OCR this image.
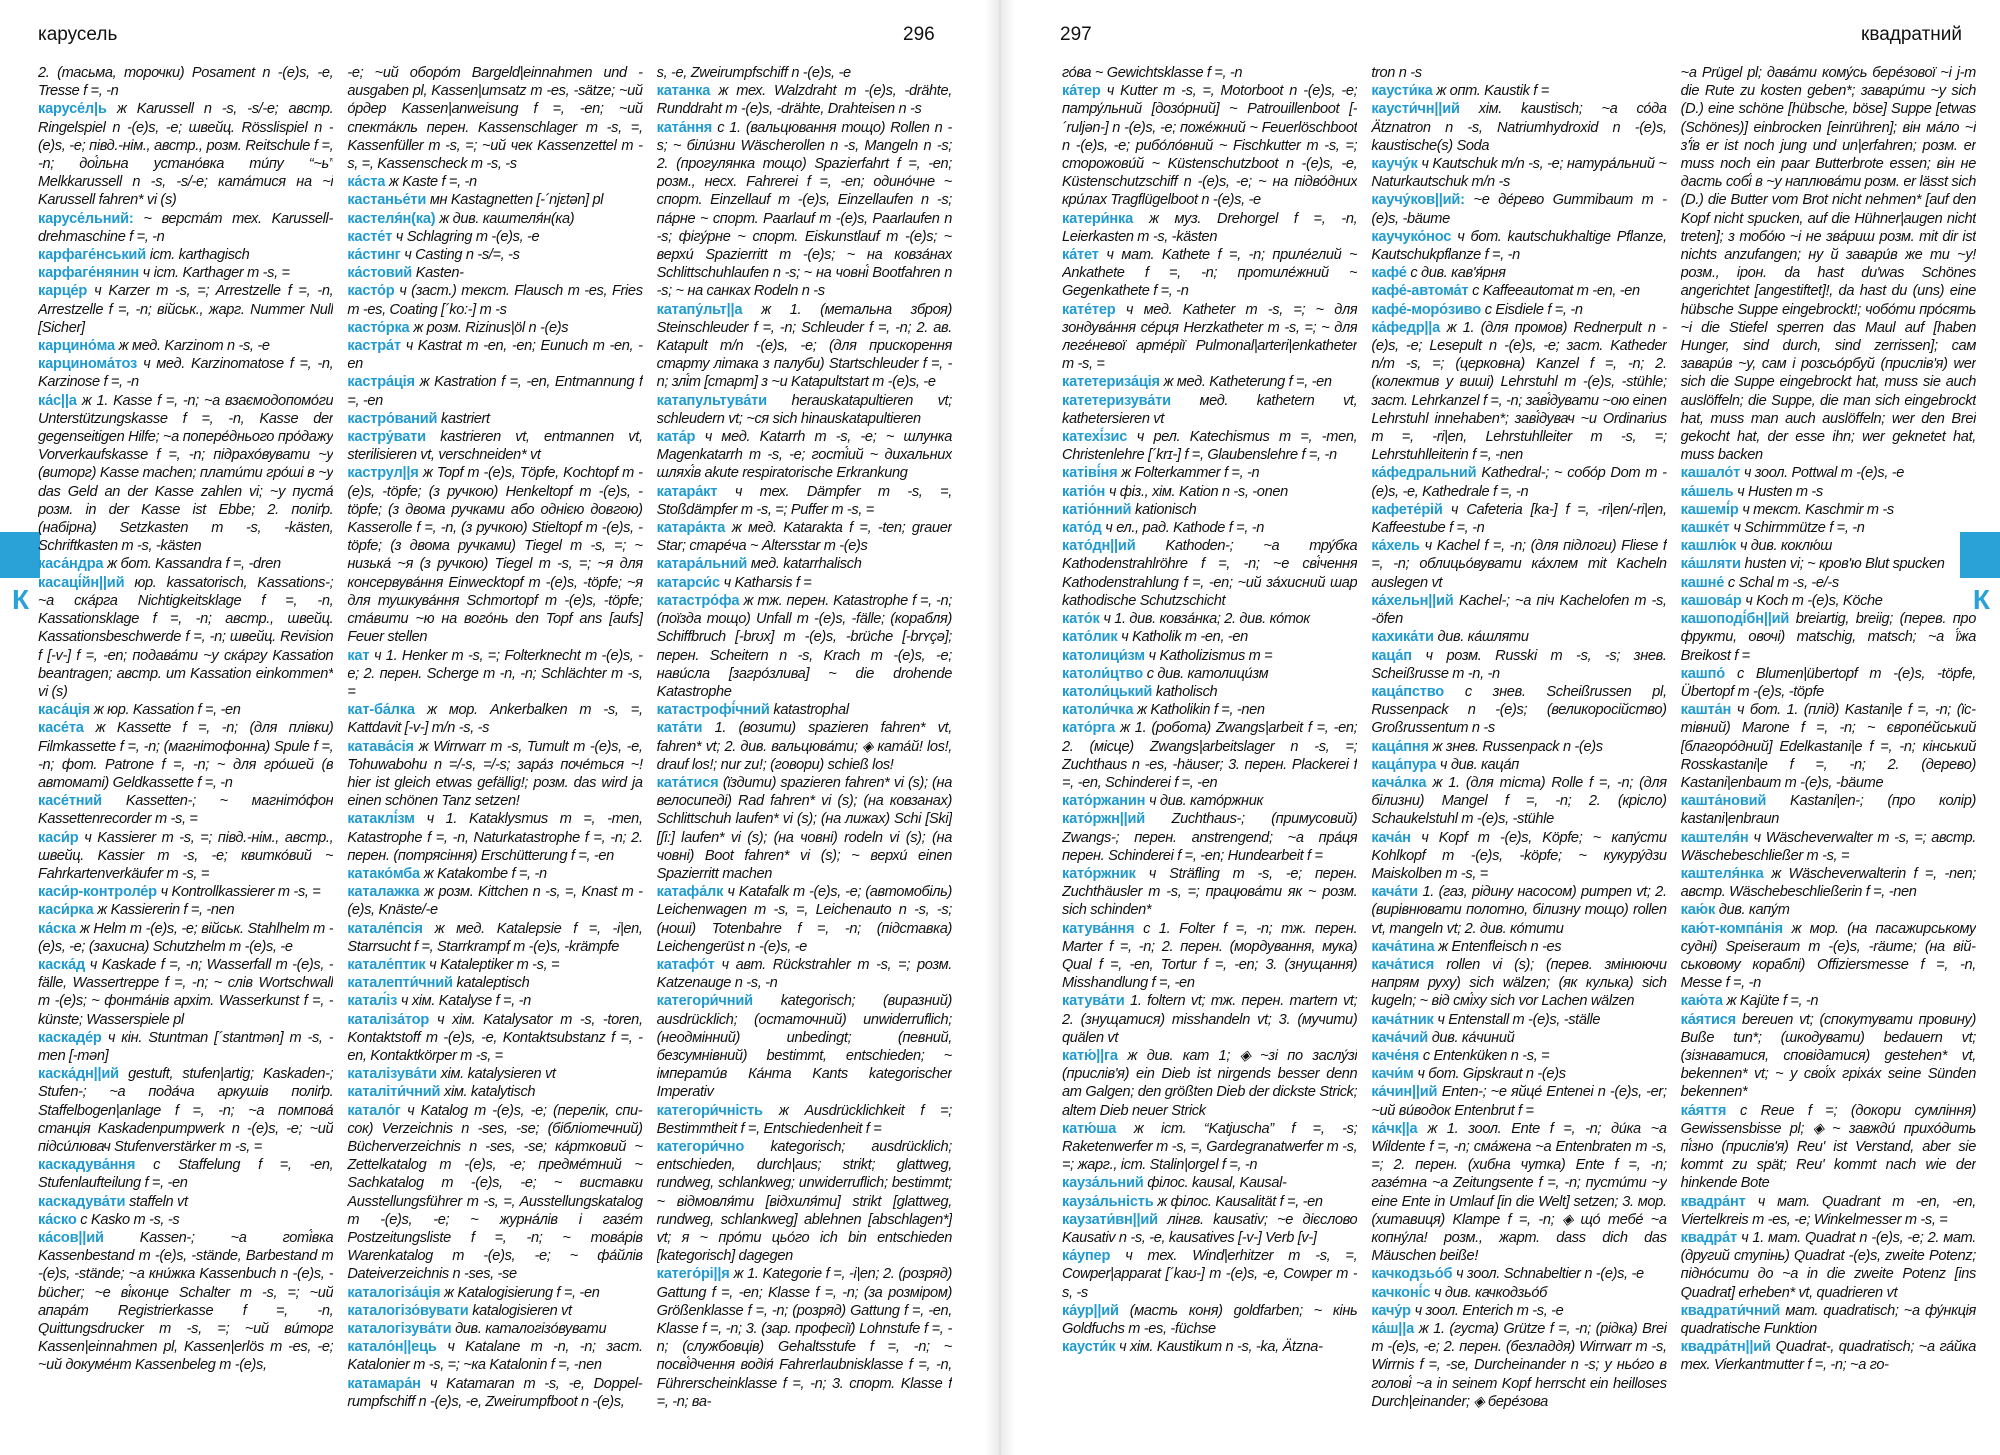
карусель	296
К

2. (тасьма, торочки) Posament n -(e)s, -e, Tresse f =, -n

карусе́л|ь ж Karussell n -s, -s/-e; австр. Ringelspiel n -(e)s, -e; швейц. Rösslispiel n -(e)s, -e; півд.-нім., австр., розм. Reitschule f =, -n; доі́льна устано́вка ти́пу “~ь” Melkkarussell n -s, -s/-e; ката́тися на ~і Karussell fahren* vi (s)

карусе́льний: ~ верста́т тех. Karusselldrehmaschine f =, -n

карфаге́нський іст. karthagisch

карфаге́нянин ч іст. Karthager т -s, =

карце́р ч Karzer т -s, =; Arrestzelle f =, -n, Arrestzelle f =, -n; військ., жарг. Nummer Null [Sicher]

карцино́ма ж мед. Karzinom n -s, -e

карцинома́тоз ч мед. Karzinomatose f =, -n, Karzinose f =, -n

ка́с||а ж 1. Kasse f =, -n; ~а взаємодопомо́ги Unterstützungskasse f =, -n, Kasse der gegenseitigen Hilfe; ~а попере́днього про́дажу Vorverkaufskasse f =, -n; підрахо́вувати ~у (виторг) Kasse machen; плати́ти гро́ші в ~у das Geld an der Kasse zahlen vi; ~у пуста́ розм. in der Kasse ist Ebbe; 2. поліґр. (набірна) Setzkasten m -s, -kästen, Schriftkasten m -s, -kästen

каса́ндра ж бот. Kassandra f =, -dren

касаці́йн||ий юр. kassatorisch, Kassations-; ~а ска́рга Nichtigkeitsklage f =, -n, Kassationsklage f =, -n; австр., швейц. Kassationsbeschwerde f =, -n; швейц. Revision f [-v-] f =, -en; подава́ти ~у ска́ргу Kassation beantragen; австр. um Kassation einkommen* vi (s)

каса́ція ж юр. Kassation f =, -en

касе́та ж Kassette f =, -n; (для плівки) Filmkassette f =, -n; (магнітофонна) Spule f =, -n; фот. Patrone f =, -n; ~ для гро́шей (в автоматі) Geldkassette f =, -n

касе́тний Kassetten-; ~ магніто́фон Kassettenrecorder m -s, =

каси́р ч Kassierer m -s, =; півд.-нім., австр., швейц. Kassier m -s, -e; квитко́вий ~ Fahrkartenverkäufer m -s, =

каси́р-контроле́р ч Kontrollkassierer m -s, =

каси́рка ж Kassiererin f =, -nen

ка́ска ж Helm m -(e)s, -e; військ. Stahlhelm m -(e)s, -e; (захисна) Schutzhelm m -(e)s, -e

каска́д ч Kaskade f =, -n; Wasserfall m -(e)s, -fälle, Wassertreppe f =, -n; ~ слів Wortschwall m -(e)s; ~ фонта́нів архіт. Wasserkunst f =, -künste; Wasserspiele pl

каскаде́р ч кін. Stuntman [´stantmən] т -s, -men [-mən]

каска́дн||ий gestuft, stufen|artig; Kaskaden-; Stufen-; ~а пода́ча аркушів поліґр. Staffelbogen|anlage f =, -n; ~а помпова́ станція Kaskadenpumpwerk n -(e)s, -e; ~ий підси́лювач Stufenverstärker m -s, =

каскадува́ння с Staffelung f =, -en, Stufenlaufteilung f =, -en

каскадува́ти staffeln vt

ка́ско с Kasko m -s, -s

ка́сов||ий Kassen-; ~а готі́вка Kassenbestand m -(e)s, -stände, Barbestand m -(e)s, -stände; ~а кни́жка Kassenbuch n -(e)s, -bücher; ~е ві́конце Schalter m -s, =; ~ий апара́т Registrierkasse f =, -n, Quittungsdrucker m -s, =; ~ий ви́торг Kassen|einnahmen pl, Kassen|erlös m -es, -e; ~ий докуме́нт Kassenbeleg m -(e)s,

-e; ~ий оборо́т Bargeld|einnahmen und -ausgaben pl, Kassen|umsatz m -es, -sätze; ~ий о́рдер Kassen|anweisung f =, -en; ~ий спекта́кль перен. Kassenschlager m -s, =, Kassenfüller m -s, =; ~ий чек Kassenzettel m -s, =, Kassenscheck m -s, -s

ка́ста ж Kaste f =, -n

кастанье́ти мн Kastagnetten [-´njɛtən] pl

кастеля́н(ка) ж див. каштеля́н(ка)

касте́т ч Schlagring m -(e)s, -e

ка́стинг ч Casting n -s/=, -s

ка́стовий Kasten-

касто́р ч (заст.) текст. Flausch m -es, Fries m -es, Coating [´ko:-] m -s

касто́рка ж розм. Rizinus|öl n -(e)s

кастра́т ч Kastrat m -en, -en; Eunuch m -en, -en

кастра́ція ж Kastration f =, -en, Entmannung f =, -en

кастро́ваний kastriert

кастру́вати kastrieren vt, entmannen vt, sterilisieren vt, verschneiden* vt

каструл||я ж Topf m -(e)s, Töpfe, Kochtopf m -(e)s, -töpfe; (з ручкою) Henkeltopf m -(e)s, -töpfe; (з двома ручками або однією довгою) Kasserolle f =, -n, (з ручкою) Stieltopf m -(e)s, -töpfe; (з двома ручками) Tiegel m -s, =; ~ низька́ ~я (з ручкою) Tiegel m -s, =; ~я для консервува́ння Einwecktopf m -(e)s, -töpfe; ~я для тушкува́ння Schmortopf m -(e)s, -töpfe; ста́вити ~ю на вого́нь den Topf ans [aufs] Feuer stellen

кат ч 1. Henker m -s, =; Folterknecht m -(e)s, -e; 2. перен. Scherge m -n, -n; Schlächter m -s, =

кат-ба́лка ж мор. Ankerbalken m -s, =, Kattdavit [-v-] m/n -s, -s

катава́сія ж Wirrwarr m -s, Tumult m -(e)s, -e, Tohuwabohu n =/-s, =/-s; зара́з поче́ться ~! hier ist gleich etwas gefällig!; розм. das wird ja einen schönen Tanz setzen!

катаклі́зм ч 1. Kataklysmus m =, -men, Katastrophe f =, -n, Naturkatastrophe f =, -n; 2. перен. (потрясіння) Erschütterung f =, -en

катако́мба ж Katakombe f =, -n

каталажка ж розм. Kittchen n -s, =, Knast m -(e)s, Knäste/-e

катале́псія ж мед. Katalepsie f =, -i|en, Starrsucht f =, Starrkrampf m -(e)s, -krämpfe

катале́птик ч Kataleptiker m -s, =

каталепти́чний kataleptisch

катал́із ч хім. Katalyse f =, -n

каталіза́тор ч хім. Katalysator m -s, -toren, Kontaktstoff m -(e)s, -e, Kontaktsubstanz f =, -en, Kontaktkörper m -s, =

каталізува́ти хім. katalysieren vt

каталіти́чний хім. katalytisch

катало́г ч Katalog m -(e)s, -e; (перелік, список) Verzeichnis n -ses, -se; (бібліотечний) Bücherverzeichnis n -ses, -se; ка́ртковий ~ Zettelkatalog m -(e)s, -e; предме́тний ~ Sachkatalog m -(e)s, -e; ~ виставки Ausstellungsführer m -s, =, Ausstellungskatalog m -(e)s, -e; ~ журна́лів і газе́т Postzeitungsliste f =, -n; ~ това́рів Warenkatalog m -(e)s, -e; ~ фа́йлів Dateiverzeichnis n -ses, -se

каталогіза́ція ж Katalogisierung f =, -en

каталогізо́вувати katalogisieren vt

каталогізува́ти див. каталогізо́вувати

катало́н||ець ч Katalane m -n, -n; заст. Katalonier m -s, =; ~ка Katalonin f =, -nen

катамара́н ч Katamaran m -s, -e, Doppelrumpfschiff n -(e)s, -e, Zweirumpfboot n -(e)s,

s, -e, Zweirumpfschiff n -(e)s, -e

катанка ж тех. Walzdraht m -(e)s, -drähte, Runddraht m -(e)s, -drähte, Drahteisen n -s

ката́ння с 1. (вальцювання тощо) Rollen n -s; ~ біли́зни Wäscherollen n -s, Mangeln n -s; 2. (прогулянка тощо) Spazierfahrt f =, -en; розм., несх. Fahrerei f =, -en; одино́чне ~ спорт. Einzellauf m -(e)s, Einzellaufen n -s; па́рне ~ спорт. Paarlauf m -(e)s, Paarlaufen n -s; фігу́рне ~ спорт. Eiskunstlauf m -(e)s; ~ верхи́ Spazierritt m -(e)s; ~ на ковза́нах Schlittschuhlaufen n -s; ~ на човні́ Bootfahren n -s; ~ на санках Rodeln n -s

катапу́льт||а ж 1. (метальна зброя) Steinschleuder f =, -n; Schleuder f =, -n; 2. ав. Katapult m/n -(e)s, -e; (для прискорення старту літака з палуби) Startschleuder f =, -n; злі́т [старт] з ~и Katapultstart m -(e)s, -e

катапультува́ти herauskatapultieren vt; schleudern vt; ~ся sich hinauskatapultieren

ката́р ч мед. Katarrh m -s, -e; ~ шлунка Magenkatarrh m -s, -e; гості́ий ~ дихальних шляхі́в akute respiratorische Erkrankung

катара́кт ч тех. Dämpfer m -s, =, Stoßdämpfer m -s, =; Puffer m -s, =

катара́кта ж мед. Katarakta f =, -ten; grauer Star; старе́ча ~ Altersstar m -(e)s

катара́льний мед. katarrhalisch

катарси́с ч Katharsis f =

катастро́фа ж тж. перен. Katastrophe f =, -n; (поїзда тощо) Unfall m -(e)s, -fälle; (корабля) Schiffbruch [-brʊx] m -(e)s, -brüche [-brʏçə]; перен. Scheitern n -s, Krach m -(e)s, -e; нави́сла [загро́злива] ~ die drohende Katastrophe

катастрофі́чний katastrophal

ката́ти 1. (возити) spazieren fahren* vt, fahren* vt; 2. див. вальцюва́ти; ◈ ката́й! los!, drauf los!; nur zu!; (говори) schieß los!

ката́тися (їздити) spazieren fahren* vi (s); (на велосипеді) Rad fahren* vi (s); (на ковзанах) Schlittschuh laufen* vi (s); (на лижах) Schi [Ski] [ʃi:] laufen* vi (s); (на човні) rodeln vi (s); (на човні) Boot fahren* vi (s); ~ верхи́ einen Spazierritt machen

катафа́лк ч Katafalk m -(e)s, -e; (автомобіль) Leichenwagen m -s, =, Leichenauto n -s, -s; (ноші) Totenbahre f =, -n; (підставка) Leichengerüst n -(e)s, -e

катафо́т ч авт. Rückstrahler m -s, =; розм. Katzenauge n -s, -n

категори́чний kategorisch; (виразний) ausdrücklich; (остаточний) unwiderruflich; (неодмінний) unbedingt; (певний, безсумнівний) bestimmt, entschieden; ~ імперати́в Ка́нта Kants kategorischer Imperativ

категори́чність ж Ausdrücklichkeit f =; Bestimmtheit f =, Entschiedenheit f =

категори́чно kategorisch; ausdrücklich; entschieden, durch|aus; strikt; glattweg, rundweg, schlankweg; unwiderruflich; bestimmt; ~ відмовля́ти [відхиля́ти] strikt [glattweg, rundweg, schlankweg] ablehnen [abschlagen*] vt; я ~ про́ти цьо́го ich bin entschieden [kategorisch] dagegen

катего́рі||я ж 1. Kategorie f =, -i|en; 2. (розряд) Gattung f =, -en; Klasse f =, -n; (за розміром) Größenklasse f =, -n; (розряд) Gattung f =, -en, Klasse f =, -n; 3. (зар. професії) Lohnstufe f =, -n; (службовців) Gehaltsstufe f =, -n; ~ посві́дчення водія́ Fahrerlaubnisklasse f =, -n, Führerscheinklasse f =, -n; 3. спорт. Klasse f =, -n; ва-

297	квадратний
К

го́ва ~ Gewichtsklasse f =, -n

ка́тер ч Kutter m -s, =, Motorboot n -(e)s, -e; патру́льний [дозо́рний] ~ Patrouillenboot [-´ruljən-] n -(e)s, -e; поже́жний ~ Feuerlöschboot n -(e)s, -e; рибо́ло́вний ~ Fischkutter m -s, =; сторожови́й ~ Küstenschutzboot n -(e)s, -e, Küstenschutzschiff n -(e)s, -e; ~ на підво́дних кри́лах Tragflügelboot n -(e)s, -e

катери́нка ж муз. Drehorgel f =, -n, Leierkasten m -s, -kästen

ка́тет ч мат. Kathete f =, -n; приле́глий ~ Ankathete f =, -n; протиле́жний ~ Gegenkathete f =, -n

кате́тер ч мед. Katheter m -s, =; ~ для зондува́ння се́рця Herzkatheter m -s, =; ~ для леге́невої арте́рії Pulmonal|arteri|enkatheter m -s, =

катетериза́ція ж мед. Katheterung f =, -en

катетеризува́ти мед. kathetern vt, kathetersieren vt

катехі́зис ч рел. Katechismus т =, -men, Christenlehre [´krɪ-] f =, Glaubenslehre f =, -n

катіві́ня ж Folterkammer f =, -n

катіо́н ч фіз., хім. Kation n -s, -onen

катіо́нний kationisch

като́д ч ел., рад. Kathode f =, -n

като́дн||ий Kathoden-; ~а тру́бка Kathodenstrahlröhre f =, -n; ~е сві́чення Kathodenstrahlung f =, -en; ~ий за́хисний шар kathodische Schutzschicht

като́к ч 1. див. ковза́нка; 2. див. ко́ток

като́лик ч Katholik m -en, -en

католици́зм ч Katholizismus m =

католи́цтво с див. католици́зм

католи́цький katholisch

католи́чка ж Katholikin f =, -nen

като́рга ж 1. (робота) Zwangs|arbeit f =, -en; 2. (місце) Zwangs|arbeitslager n -s, =; Zuchthaus n -es, -häuser; 3. перен. Plackerei f =, -en, Schinderei f =, -en

като́ржанин ч див. като́ржник

като́ржн||ий Zuchthaus-; (примусовий) Zwangs-; перен. anstrengend; ~а пра́ця перен. Schinderei f =, -en; Hundearbeit f =

като́ржник ч Sträfling т -s, -e; перен. Zuchthäusler т -s, =; працюва́ти як ~ розм. sich schinden*

катува́ння с 1. Folter f =, -n; тж. перен. Marter f =, -n; 2. перен. (мордування, мука) Qual f =, -en, Tortur f =, -en; 3. (знущання) Misshandlung f =, -en

катува́ти 1. foltern vt; тж. перен. martern vt; 2. (знущатися) misshandeln vt; 3. (мучити) quälen vt

катю́||га ж див. кат 1; ◈ ~зі по заслу́зі (прислів'я) ein Dieb ist nirgends besser denn am Galgen; den größten Dieb der dickste Strick; altem Dieb neuer Strick

катю́ша ж іст. “Katjuscha” f =, -s; Raketenwerfer т -s, =, Gardegranatwerfer т -s, =; жарг., іст. Stalin|orgel f =, -n

кауза́льний філос. kausal, Kausal-

кауза́льність ж філос. Kausalität f =, -en

каузати́вн||ий лінгв. kausativ; ~е дієслово Kausativ n -s, -e, kausatives [-v-] Verb [v-]

ка́упер ч тех. Wind|erhitzer т -s, =, Cowper|apparat [´kaʊ-] m -(e)s, -e, Cowper m -s, -s

ка́ур||ий (масть коня) goldfarben; ~ кінь Goldfuchs m -es, -füchse

каусти́к ч хім. Kaustikum n -s, -ka, Ätzna-

tron n -s

каусти́ка ж опт. Kaustik f =

каусти́чн||ий хім. kaustisch; ~а со́да Ätznatron n -s, Natriumhydroxid n -(e)s, kaustische(s) Soda

каучу́к ч Kautschuk m/n -s, -e; натура́льний ~ Naturkautschuk m/n -s

каучу́ков||ий: ~е де́рево Gummibaum т -(e)s, -bäume

каучуко́нос ч бот. kautschukhaltige Pflanze, Kautschukpflanze f =, -n

кафе́ с див. кав'я́рня

кафе́-автома́т с Kaffeeautomat m -en, -en

кафе́-моро́зиво с Eisdiele f =, -n

ка́федр||а ж 1. (для промов) Rednerpult n -(e)s, -e; Lesepult n -(e)s, -e; заст. Katheder n/m -s, =; (церковна) Kanzel f =, -n; 2. (колектив у виші) Lehrstuhl m -(e)s, -stühle; заст. Lehrkanzel f =, -n; заві́дувати ~ою einen Lehrstuhl innehaben*; заві́дувач ~и Ordinarius m =, -ri|en, Lehrstuhlleiter т -s, =; Lehrstuhlleiterin f =, -nen

ка́федральний Kathedral-; ~ собо́р Dom m -(e)s, -e, Kathedrale f =, -n

кафете́рій ч Cafeteria [ka-] f =, -ri|en/-ri|en, Kaffeestube f =, -n

ка́хель ч Kachel f =, -n; (для підлоги) Fliese f =, -n; облицьо́вувати ка́хлем mit Kacheln auslegen vt

ка́хельн||ий Kachel-; ~а піч Kachelofen m -s, -öfen

кахика́ти див. ка́шляти

каца́п ч розм. Russki m -s, -s; знев. Scheißrusse m -n, -n

каца́пство с знев. Scheißrussen pl, Russenpack n -(e)s; (великоросійство) Großrussentum n -s

каца́пня ж знев. Russenpack n -(e)s

каца́пура ч див. каца́п

кача́лка ж 1. (для тіста) Rolle f =, -n; (для білизни) Mangel f =, -n; 2. (крісло) Schaukelstuhl m -(e)s, -stühle

кача́н ч Kopf m -(e)s, Köpfe; ~ капу́сти Kohlkopf m -(e)s, -köpfe; ~ кукуру́дзи Maiskolben m -s, =

кача́ти 1. (газ, рідину насосом) pumpen vt; 2. (вирівнювати полотно, білизну тощо) rollen vt, mangeln vt; 2. див. ко́тити

кача́тина ж Entenfleisch n -es

кача́тися rollen vi (s); (перев. змінюючи напрям руху) sich wälzen; (як кулька) sich kugeln; ~ від смі́ху sich vor Lachen wälzen

кача́тник ч Entenstall m -(e)s, -ställe

кача́чий див. ка́чиний

каче́ня с Entenküken n -s, =

качи́м ч бот. Gipskraut n -(e)s

ка́чин||ий Enten-; ~е яйце́ Entenei n -(e)s, -er; ~ий ви́водок Entenbrut f =

ка́чк||а ж 1. зоол. Ente f =, -n; ди́ка ~а Wildente f =, -n; сма́жена ~а Entenbraten m -s, =; 2. перен. (хибна чутка) Ente f =, -n; газе́тна ~а Zeitungsente f =, -n; пусти́ти ~у eine Ente in Umlauf [in die Welt] setzen; 3. мор. (хитавиця) Klampe f =, -n; ◈ що́ тебе́ ~а копну́ла! розм., жарт. dass dich das Mäuschen beiße!

качкодзьо́б ч зоол. Schnabeltier n -(e)s, -e

качконі́с ч див. качкодзьо́б

качу́р ч зоол. Enterich m -s, -e

ка́ш||а ж 1. (густа) Grütze f =, -n; (рідка) Brei m -(e)s, -e; 2. перен. (безладдя) Wirrwarr m -s, Wirrnis f =, -se, Durcheinander n -s; у ньо́го в голові́ ~а in seinem Kopf herrscht ein heilloses Durch|einander; ◈ бере́зова

~а Prügel pl; дава́ти кому́сь бере́зової ~і j-m die Rute zu kosten geben*; завари́ти ~у sich (D.) eine schöne [hübsche, böse] Suppe [etwas (Schönes)] einbrocken [einrühren]; він ма́ло ~і з'ї́в er ist noch jung und un|erfahren; розм. er muss noch ein paar Butterbrote essen; він не дасть собі́ в ~у наплюва́ти розм. er lässt sich (D.) die Butter vom Brot nicht nehmen* [auf den Kopf nicht spucken, auf die Hühner|augen nicht treten]; з тобо́ю ~і не зва́риш розм. mit dir ist nichts anzufangen; ну й завари́в же ти ~у! розм., ірон. da hast du'was Schönes angerichtet [angestiftet]!, da hast du (uns) eine hübsche Suppe eingebrockt!; чобо́ти про́сять ~і die Stiefel sperren das Maul auf [haben Hunger, sind durch, sind zerrissen]; сам завари́в ~у, сам і розсьо́рбуй (прислів'я) wer sich die Suppe eingebrockt hat, muss sie auch auslöffeln; die Suppe, die man sich eingebrockt hat, muss man auch auslöffeln; wer den Brei gekocht hat, der esse ihn; wer geknetet hat, muss backen

кашало́т ч зоол. Pottwal m -(e)s, -e

ка́шель ч Husten m -s

кашемі́р ч текст. Kaschmir m -s

кашке́т ч Schirmmütze f =, -n

кашлю́к ч див. коклю́ш

ка́шляти husten vi; ~ кров'ю Blut spucken

кашне́ с Schal m -s, -e/-s

кашова́р ч Koch m -(e)s, Köche

кашоподі́бн||ий breiartig, breiig; (перев. про фрукти, овочі) matschig, matsch; ~а ї́жа Breikost f =

кашпо́ с Blumen|übertopf т -(e)s, -töpfe, Übertopf т -(e)s, -töpfe

кашта́н ч бот. 1. (плід) Kastani|e f =, -n; (їстівний) Marone f =, -n; ~ європе́йський [благоро́дний] Edelkastani|e f =, -n; кінський Rosskastani|e f =, -n; 2. (дерево) Kastani|enbaum т -(e)s, -bäume

кашта́новий Kastani|en-; (про колір) kastani|enbraun

каштеля́н ч Wäscheverwalter m -s, =; австр. Wäschebeschließer m -s, =

каштеля́нка ж Wäscheverwalterin f =, -nen; австр. Wäschebeschließerin f =, -nen

каю́к див. капу́т

каю́т-компа́нія ж мор. (на пасажирському судні) Speiseraum m -(e)s, -räume; (на військовому кораблі) Offiziersmesse f =, -n, Messe f =, -n

каю́та ж Kajüte f =, -n

ка́ятися bereuen vt; (спокутувати провину) Buße tun*; (шкодувати) bedauern vt; (зізнаватися, сповідатися) gestehen* vt, bekennen* vt; ~ у свої́х гріха́х seine Sünden bekennen*

ка́яття с Reue f =; (докори сумління) Gewissensbisse pl; ◈ ~ завжди́ прихо́дить пі́зно (прислів'я) Reu' ist Verstand, aber sie kommt zu spät; Reu' kommt nach wie der hinkende Bote

квадра́нт ч мат. Quadrant m -en, -en, Viertelkreis m -es, -e; Winkelmesser m -s, =

квадра́т ч 1. мат. Quadrat n -(e)s, -e; 2. мат. (другий ступінь) Quadrat -(e)s, zweite Potenz; підно́сити до ~а in die zweite Potenz [ins Quadrat] erheben* vt, quadrieren vt

квадрати́чний мат. quadratisch; ~а фу́нкція quadratische Funktion

квадра́тн||ий Quadrat-, quadratisch; ~а га́йка тех. Vierkantmutter f =, -n; ~а го-
